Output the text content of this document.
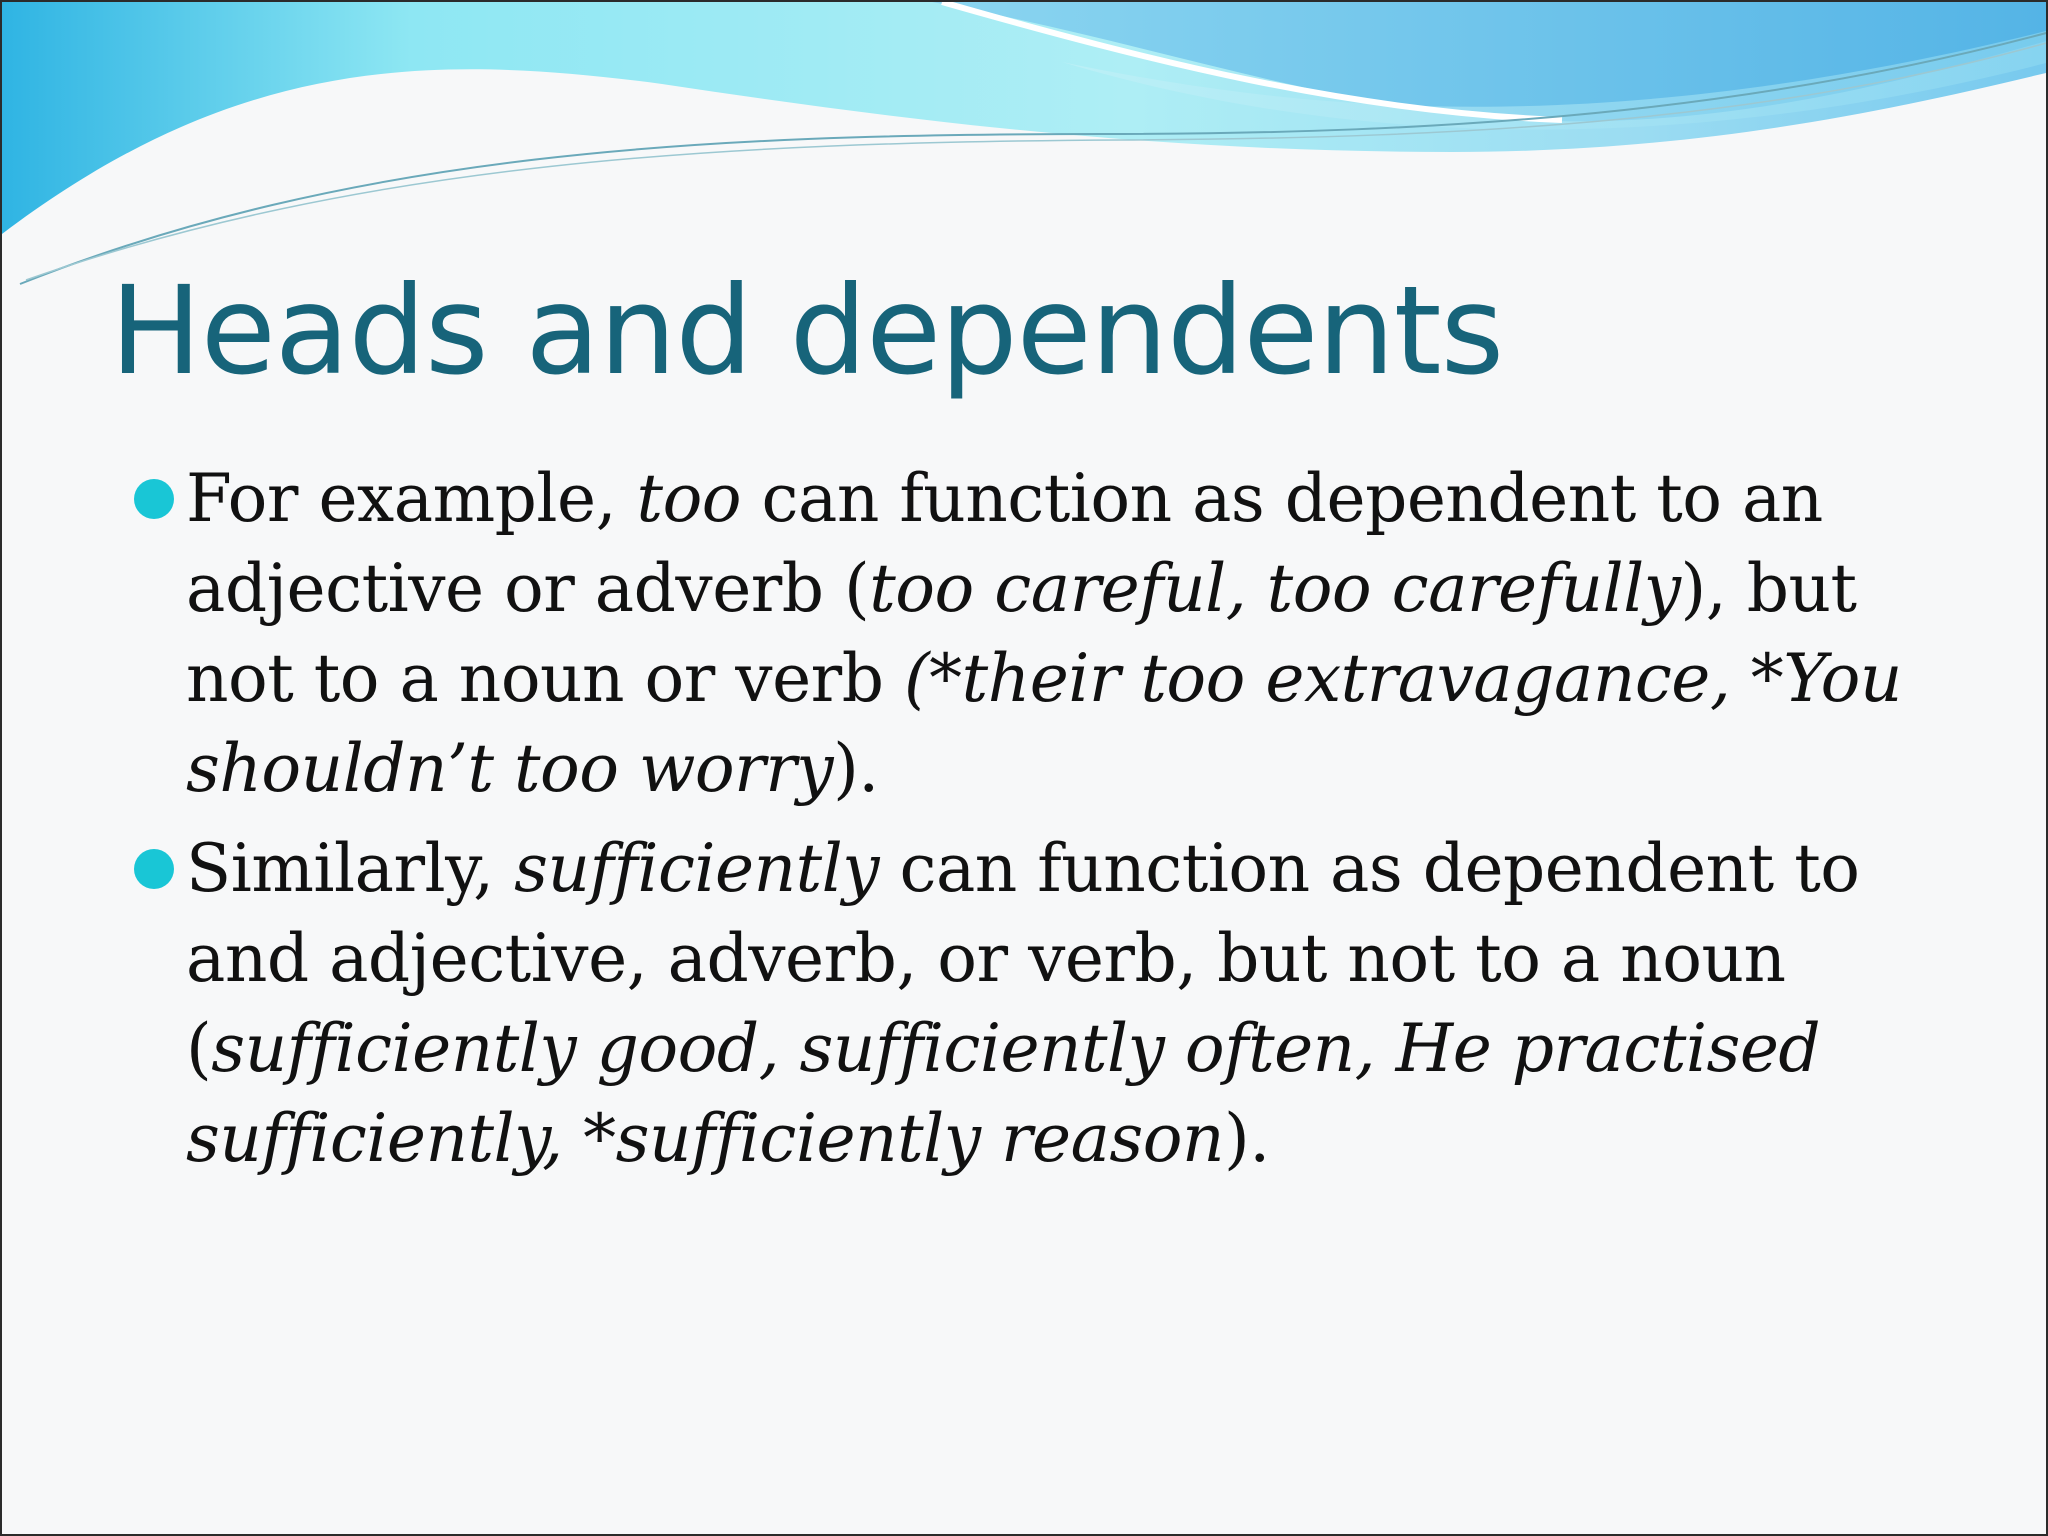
Heads and dependents
For example, too can function as dependent to an adjective or adverb (too careful, too carefully), but not to a noun or verb (*their too extravagance, *You shouldn’t too worry).
Similarly, sufficiently can function as dependent to and adjective, adverb, or verb, but not to a noun (sufficiently good, sufficiently often, He practised sufficiently, *sufficiently reason).
